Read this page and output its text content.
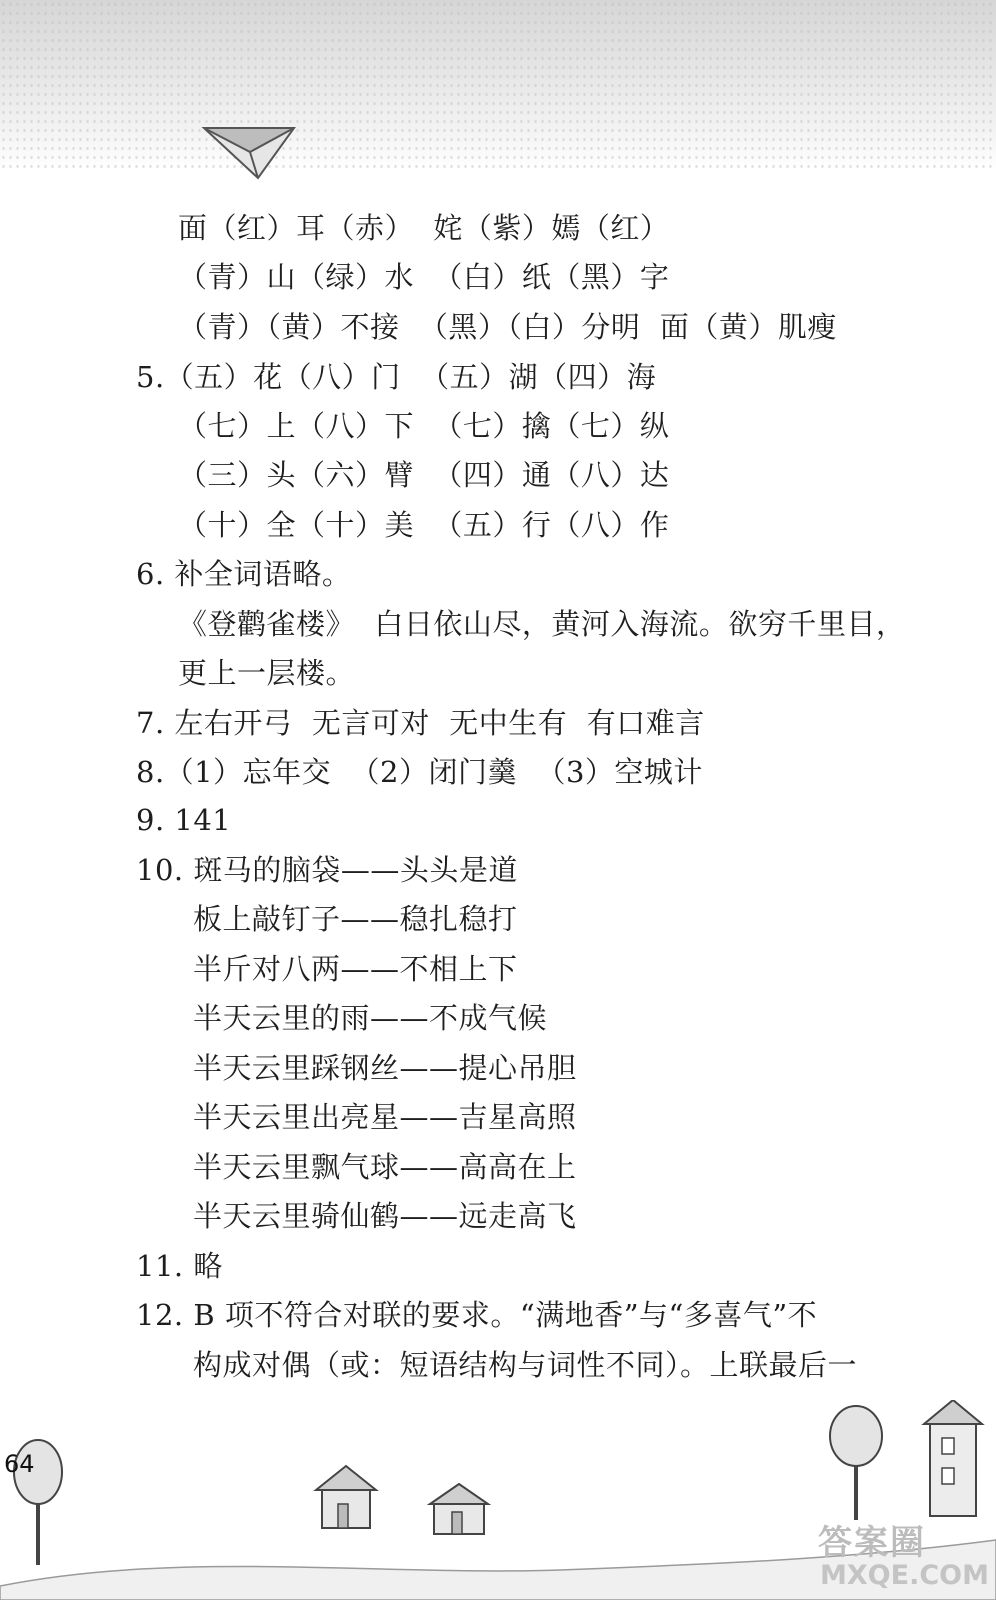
面（红）耳（赤）  姹（紫）嫣（红）
（青）山（绿）水  （白）纸（黑）字
（青）（黄）不接  （黑）（白）分明  面（黄）肌瘦
5.（五）花（八）门  （五）湖（四）海
（七）上（八）下  （七）擒（七）纵
（三）头（六）臂  （四）通（八）达
（十）全（十）美  （五）行（八）作
6. 补全词语略。
《登鹳雀楼》  白日依山尽，黄河入海流。欲穷千里目，
更上一层楼。
7. 左右开弓  无言可对  无中生有  有口难言
8.（1）忘年交  （2）闭门羹  （3）空城计
9. 141
10. 斑马的脑袋——头头是道
板上敲钉子——稳扎稳打
半斤对八两——不相上下
半天云里的雨——不成气候
半天云里踩钢丝——提心吊胆
半天云里出亮星——吉星高照
半天云里飘气球——高高在上
半天云里骑仙鹤——远走高飞
11. 略
12. B 项不符合对联的要求。“满地香”与“多喜气”不
构成对偶（或：短语结构与词性不同）。上联最后一
64
答案圈
MXQE.COM
